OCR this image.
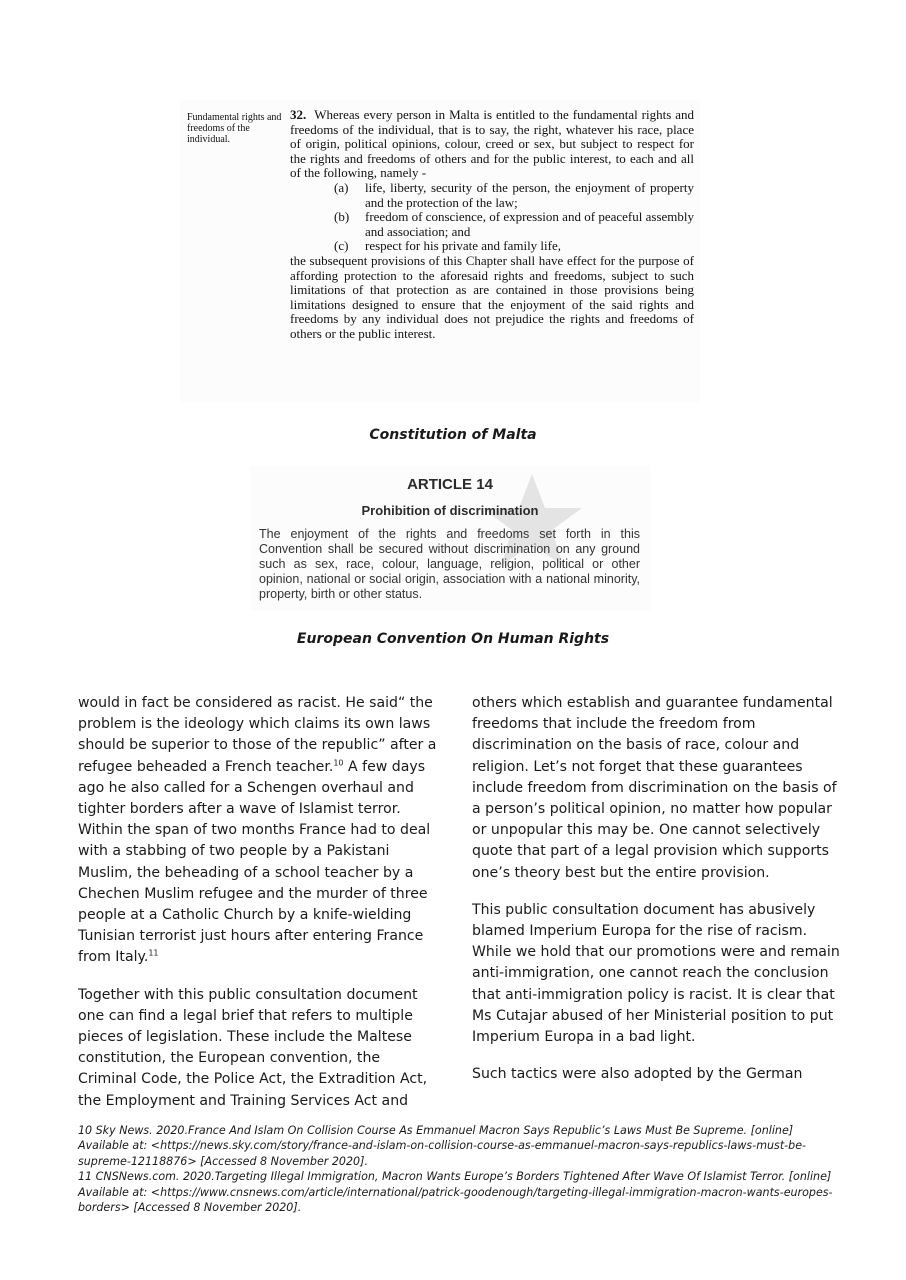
Fundamental rights and freedoms of the individual.

32. Whereas every person in Malta is entitled to the fundamental rights and freedoms of the individual, that is to say, the right, whatever his race, place of origin, political opinions, colour, creed or sex, but subject to respect for the rights and freedoms of others and for the public interest, to each and all of the following, namely -

(a) life, liberty, security of the person, the enjoyment of property and the protection of the law;

(b) freedom of conscience, of expression and of peaceful assembly and association; and

(c) respect for his private and family life,

the subsequent provisions of this Chapter shall have effect for the purpose of affording protection to the aforesaid rights and freedoms, subject to such limitations of that protection as are contained in those provisions being limitations designed to ensure that the enjoyment of the said rights and freedoms by any individual does not prejudice the rights and freedoms of others or the public interest.

Constitution of Malta
ARTICLE 14
Prohibition of discrimination

The enjoyment of the rights and freedoms set forth in this Convention shall be secured without discrimination on any ground such as sex, race, colour, language, religion, political or other opinion, national or social origin, association with a national minority, property, birth or other status.

European Convention On Human Rights

would in fact be considered as racist. He said“ the problem is the ideology which claims its own laws should be superior to those of the republic” after a refugee beheaded a French teacher.$^{10}$ A few days ago he also called for a Schengen overhaul and tighter borders after a wave of Islamist terror. Within the span of two months France had to deal with a stabbing of two people by a Pakistani Muslim, the beheading of a school teacher by a Chechen Muslim refugee and the murder of three people at a Catholic Church by a knife-wielding Tunisian terrorist just hours after entering France from Italy.$^{11}$

Together with this public consultation document one can find a legal brief that refers to multiple pieces of legislation. These include the Maltese constitution, the European convention, the Criminal Code, the Police Act, the Extradition Act, the Employment and Training Services Act and

others which establish and guarantee fundamental freedoms that include the freedom from discrimination on the basis of race, colour and religion. Let’s not forget that these guarantees include freedom from discrimination on the basis of a person’s political opinion, no matter how popular or unpopular this may be. One cannot selectively quote that part of a legal provision which supports one’s theory best but the entire provision.

This public consultation document has abusively blamed Imperium Europa for the rise of racism. While we hold that our promotions were and remain anti-immigration, one cannot reach the conclusion that anti-immigration policy is racist. It is clear that Ms Cutajar abused of her Ministerial position to put Imperium Europa in a bad light.

Such tactics were also adopted by the German

10 Sky News. 2020.France And Islam On Collision Course As Emmanuel Macron Says Republic’s Laws Must Be Supreme. [online] Available at: <https://news.sky.com/story/france-and-islam-on-collision-course-as-emmanuel-macron-says-republics-laws-must-be-supreme-12118876> [Accessed 8 November 2020].

11 CNSNews.com. 2020.Targeting Illegal Immigration, Macron Wants Europe’s Borders Tightened After Wave Of Islamist Terror. [online] Available at: <https://www.cnsnews.com/article/international/patrick-goodenough/targeting-illegal-immigration-macron-wants-europes-borders> [Accessed 8 November 2020].
